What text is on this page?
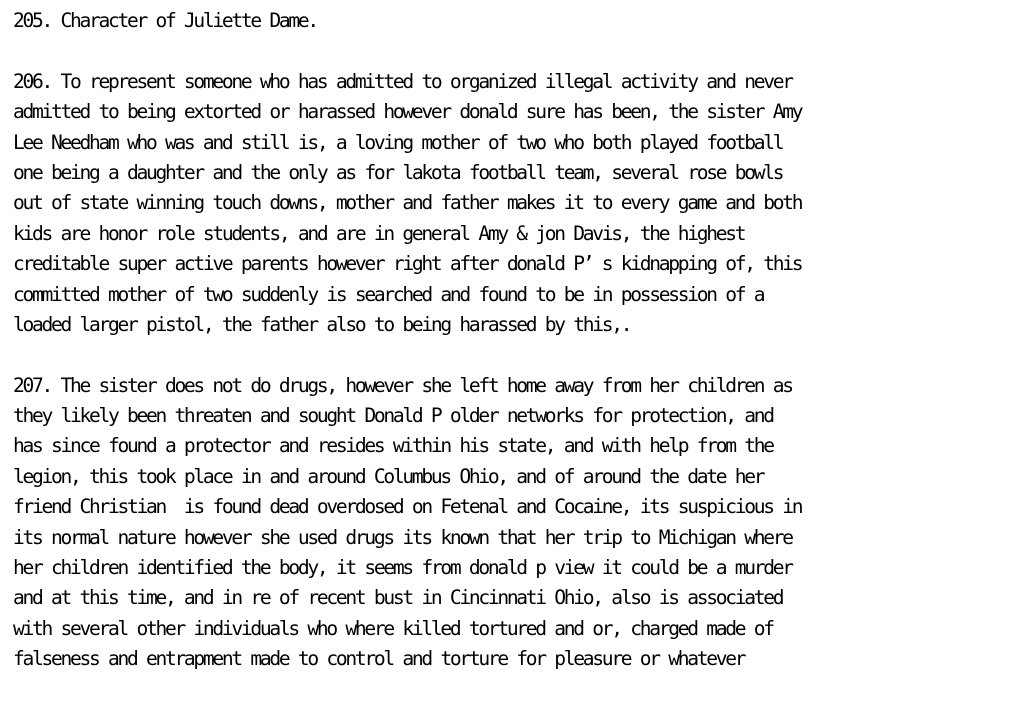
205. Character of Juliette Dame.
206. To represent someone who has admitted to organized illegal activity and never
admitted to being extorted or harassed however donald sure has been, the sister Amy
Lee Needham who was and still is, a loving mother of two who both played football
one being a daughter and the only as for lakota football team, several rose bowls
out of state winning touch downs, mother and father makes it to every game and both
kids are honor role students, and are in general Amy & jon Davis, the highest
creditable super active parents however right after donald P’ s kidnapping of, this
committed mother of two suddenly is searched and found to be in possession of a
loaded larger pistol, the father also to being harassed by this,.
207. The sister does not do drugs, however she left home away from her children as
they likely been threaten and sought Donald P older networks for protection, and
has since found a protector and resides within his state, and with help from the
legion, this took place in and around Columbus Ohio, and of around the date her
friend Christian  is found dead overdosed on Fetenal and Cocaine, its suspicious in
its normal nature however she used drugs its known that her trip to Michigan where
her children identified the body, it seems from donald p view it could be a murder
and at this time, and in re of recent bust in Cincinnati Ohio, also is associated
with several other individuals who where killed tortured and or, charged made of
falseness and entrapment made to control and torture for pleasure or whatever
